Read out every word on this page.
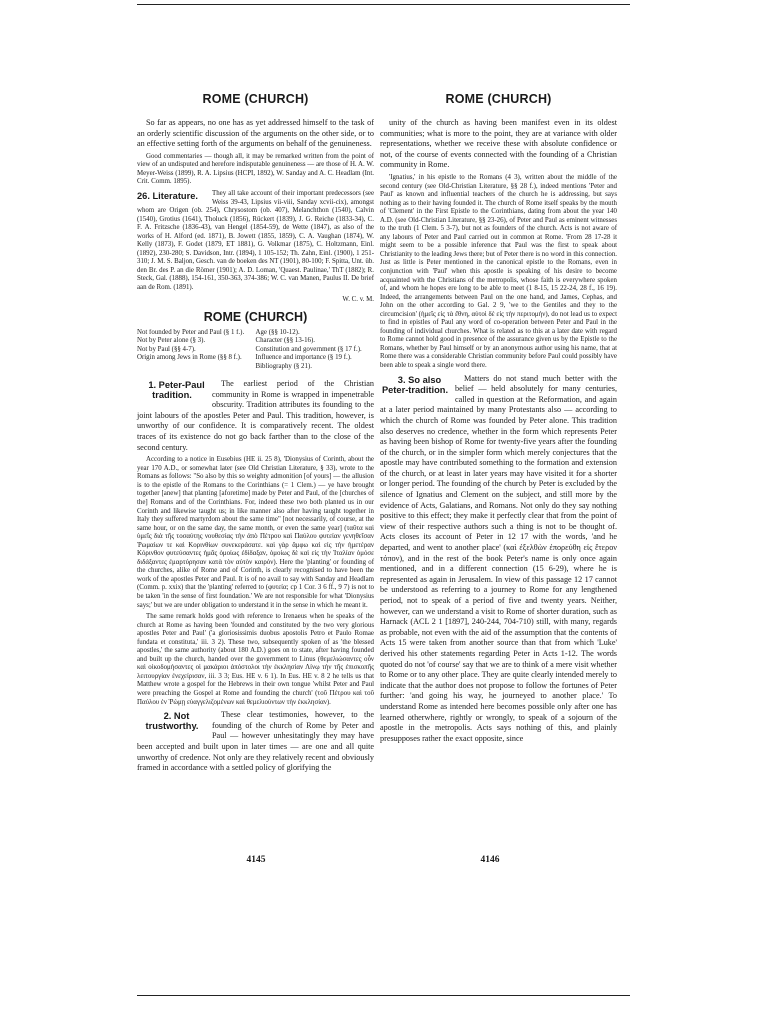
ROME (CHURCH)

So far as appears, no one has as yet addressed himself to the task of an orderly scientific discussion of the arguments on the other side, or to an effective setting forth of the arguments on behalf of the genuineness.

Good commentaries — though all, it may be remarked written from the point of view of an undisputed and herefore indisputable genuineness — are those of H. A. W. Meyer-Weiss (1899), R. A. Lipsius (HCPI, 1892), W. Sanday and A. C. Headlam (Int. Crit. Comm. 1895).

26. Literature.	They all take account of their important predecessors (see Weiss 39-43, Lipsius vii-viii, Sanday xcvii-cix), amongst whom are Origen (ob. 254), Chrysostom (ob. 407), Melanchthon (1540), Calvin (1540), Grotius (1641), Tholuck (1856), Rückert (1839), J. G. Reiche (1833-34), C. F. A. Fritzsche (1836-43), van Hengel (1854-59), de Wette (1847), as also of the works of H. Alford (ed. 1871), B. Jowett (1855, 1859), C. A. Vaughan (1874), W. Kelly (1873), F. Godet (1879, ET 1881), G. Volkmar (1875), C. Holtzmann, Einl. (1892), 230-280; S. Davidson, Intr. (1894), 1 105-152; Th. Zahn, Einl. (1900), 1 251-310; J. M. S. Baljon, Gesch. van de boeken des NT (1901), 80-100; F. Spitta, Unt. üb. den Br. des P. an die Römer (1901); A. D. Loman, 'Quaest. Paulinae,' ThT (1882); R. Steck, Gal. (1888), 154-161, 350-363, 374-386; W. C. van Manen, Paulus II. De brief aan de Rom. (1891).

W. C. v. M.

ROME (CHURCH)
Not founded by Peter and Paul (§ 1 f.).
Not by Peter alone (§ 3).
Not by Paul (§§ 4-7).
Origin among Jews in Rome (§§ 8 f.).
Age (§§ 10-12).
Character (§§ 13-16).
Constitution and government (§ 17 f.).
Influence and importance (§ 19 f.).
Bibliography (§ 21).

1. Peter-Paul tradition.
The earliest period of the Christian community in Rome is wrapped in impenetrable obscurity. Tradition attributes its founding to the joint labours of the apostles Peter and Paul. This tradition, however, is unworthy of our confidence. It is comparatively recent. The oldest traces of its existence do not go back farther than to the close of the second century.

According to a notice in Eusebius (HE ii. 25 8), 'Dionysius of Corinth, about the year 170 A.D., or somewhat later (see Old Christian Literature, § 33), wrote to the Romans as follows: "So also by this so weighty admonition [of yours] — the allusion is to the epistle of the Romans to the Corinthians (= 1 Clem.) — ye have brought together [anew] that planting [aforetime] made by Peter and Paul, of the [churches of the] Romans and of the Corinthians. For, indeed these two both planted us in our Corinth and likewise taught us; in like manner also after having taught together in Italy they suffered martyrdom about the same time" [not necessarily, of course, at the same hour, or on the same day, the same month, or even the same year] (ταῦτα καὶ ὑμεῖς διὰ τῆς τοσαύτης νουθεσίας τὴν ἀπὸ Πέτρου καὶ Παύλου φυτείαν γενηθεῖσαν Ῥωμαίων τε καὶ Κορινθίων συνεκεράσατε. καὶ γὰρ ἄμφω καὶ εἰς τὴν ἡμετέραν Κόρινθον φυτεύσαντες ἡμᾶς ὁμοίως ἐδίδαξαν, ὁμοίως δὲ καὶ εἰς τὴν Ἰταλίαν ὁμόσε διδάξαντες ἐμαρτύρησαν κατὰ τὸν αὐτὸν καιρόν). Here the 'planting' or founding of the churches, alike of Rome and of Corinth, is clearly recognised to have been the work of the apostles Peter and Paul. It is of no avail to say with Sanday and Headlam (Comm. p. xxix) that the 'planting' referred to (φυτεία; cp 1 Cor. 3 6 ff., 9 7) is not to be taken 'in the sense of first foundation.' We are not responsible for what 'Dionysius says;' but we are under obligation to understand it in the sense in which he meant it.

The same remark holds good with reference to Irenaeus when he speaks of the church at Rome as having been 'founded and constituted by the two very glorious apostles Peter and Paul' ('a gloriosissimis duobus apostolis Petro et Paulo Romae fundata et constituta,' iii. 3 2). These two, subsequently spoken of as 'the blessed apostles,' the same authority (about 180 A.D.) goes on to state, after having founded and built up the church, handed over the government to Linus (θεμελιώσαντες οὖν καὶ οἰκοδομήσαντες οἱ μακάριοι ἀπόστολοι τὴν ἐκκλησίαν Λίνῳ τὴν τῆς ἐπισκοπῆς λειτουργίαν ἐνεχείρισαν, iii. 3 3; Eus. HE v. 6 1). In Eus. HE v. 8 2 he tells us that Matthew wrote a gospel for the Hebrews in their own tongue 'whilst Peter and Paul were preaching the Gospel at Rome and founding the church' (τοῦ Πέτρου καὶ τοῦ Παύλου ἐν Ῥώμῃ εὐαγγελιζομένων καὶ θεμελιούντων τὴν ἐκκλησίαν).

2. Not trustworthy.
These clear testimonies, however, to the founding of the church of Rome by Peter and Paul — however unhesitatingly they may have been accepted and built upon in later times — are one and all quite unworthy of credence. Not only are they relatively recent and obviously framed in accordance with a settled policy of glorifying the

ROME (CHURCH)

unity of the church as having been manifest even in its oldest communities; what is more to the point, they are at variance with older representations, whether we receive these with absolute confidence or not, of the course of events connected with the founding of a Christian community in Rome.

'Ignatius,' in his epistle to the Romans (4 3), written about the middle of the second century (see Old-Christian Literature, §§ 28 f.), indeed mentions 'Peter and Paul' as known and influential teachers of the church he is addressing, but says nothing as to their having founded it. The church of Rome itself speaks by the mouth of 'Clement' in the First Epistle to the Corinthians, dating from about the year 140 A.D. (see Old-Christian Literature, §§ 23-26), of Peter and Paul as eminent witnesses to the truth (1 Clem. 5 3-7), but not as founders of the church. Acts is not aware of any labours of Peter and Paul carried out in common at Rome. 'From 28 17-28 it might seem to be a possible inference that Paul was the first to speak about Christianity to the leading Jews there; but of Peter there is no word in this connection. Just as little is Peter mentioned in the canonical epistle to the Romans, even in conjunction with 'Paul' when this apostle is speaking of his desire to become acquainted with the Christians of the metropolis, whose faith is everywhere spoken of, and whom he hopes ere long to be able to meet (1 8-15, 15 22-24, 28 f., 16 19). Indeed, the arrangements between Paul on the one hand, and James, Cephas, and John on the other according to Gal. 2 9, 'we to the Gentiles and they to the circumcision' (ἡμεῖς εἰς τὰ ἔθνη, αὐτοὶ δὲ εἰς τὴν περιτομήν), do not lead us to expect to find in epistles of Paul any word of co-operation between Peter and Paul in the founding of individual churches. What is related as to this at a later date with regard to Rome cannot hold good in presence of the assurance given us by the Epistle to the Romans, whether by Paul himself or by an anonymous author using his name, that at Rome there was a considerable Christian community before Paul could possibly have been able to speak a single word there.

3. So also Peter-tradition.
Matters do not stand much better with the belief — held absolutely for many centuries, called in question at the Reformation, and again at a later period maintained by many Protestants also — according to which the church of Rome was founded by Peter alone. This tradition also deserves no credence, whether in the form which represents Peter as having been bishop of Rome for twenty-five years after the founding of the church, or in the simpler form which merely conjectures that the apostle may have contributed something to the formation and extension of the church, or at least in later years may have visited it for a shorter or longer period. The founding of the church by Peter is excluded by the silence of Ignatius and Clement on the subject, and still more by the evidence of Acts, Galatians, and Romans. Not only do they say nothing positive to this effect; they make it perfectly clear that from the point of view of their respective authors such a thing is not to be thought of. Acts closes its account of Peter in 12 17 with the words, 'and he departed, and went to another place' (καὶ ἐξελθὼν ἐπορεύθη εἰς ἕτερον τόπον), and in the rest of the book Peter's name is only once again mentioned, and in a different connection (15 6-29), where he is represented as again in Jerusalem. In view of this passage 12 17 cannot be understood as referring to a journey to Rome for any lengthened period, not to speak of a period of five and twenty years. Neither, however, can we understand a visit to Rome of shorter duration, such as Harnack (ACL 2 1 [1897], 240-244, 704-710) still, with many, regards as probable, not even with the aid of the assumption that the contents of Acts 15 were taken from another source than that from which 'Luke' derived his other statements regarding Peter in Acts 1-12. The words quoted do not 'of course' say that we are to think of a mere visit whether to Rome or to any other place. They are quite clearly intended merely to indicate that the author does not propose to follow the fortunes of Peter further: 'and going his way, he journeyed to another place.' To understand Rome as intended here becomes possible only after one has learned otherwhere, rightly or wrongly, to speak of a sojourn of the apostle in the metropolis. Acts says nothing of this, and plainly presupposes rather the exact opposite, since

4145	4146
